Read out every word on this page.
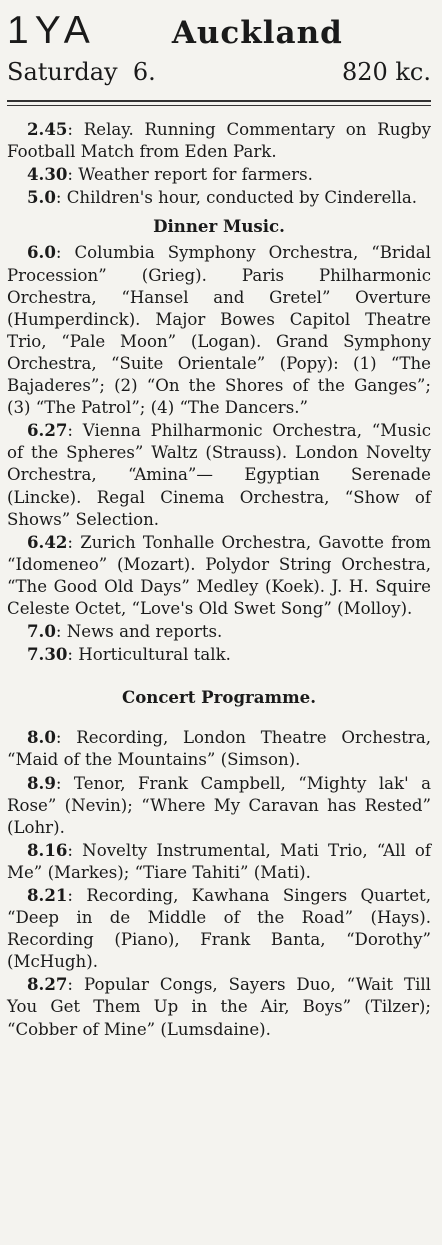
1YA Auckland
Saturday  6.	820 kc.

2.45: Relay. Running Commentary on Rugby Football Match from Eden Park.

4.30: Weather report for farmers.

5.0: Children's hour, conducted by Cinderella.

Dinner Music.

6.0: Columbia Symphony Orchestra, “Bridal Procession” (Grieg). Paris Philharmonic Orchestra, “Hansel and Gretel” Overture (Humperdinck). Major Bowes Capitol Theatre Trio, “Pale Moon” (Logan). Grand Symphony Orchestra, “Suite Orientale” (Popy): (1) “The Bajaderes”; (2) “On the Shores of the Ganges”; (3) “The Patrol”; (4) “The Dancers.”

6.27: Vienna Philharmonic Orchestra, “Music of the Spheres” Waltz (Strauss). London Novelty Orchestra, “Amina”— Egyptian Serenade (Lincke). Regal Cinema Orchestra, “Show of Shows” Selection.

6.42: Zurich Tonhalle Orchestra, Gavotte from “Idomeneo” (Mozart). Polydor String Orchestra, “The Good Old Days” Medley (Koek). J. H. Squire Celeste Octet, “Love's Old Swet Song” (Molloy).

7.0: News and reports.

7.30: Horticultural talk.

Concert Programme.

8.0: Recording, London Theatre Orchestra, “Maid of the Mountains” (Simson).

8.9: Tenor, Frank Campbell, “Mighty lak' a Rose” (Nevin); “Where My Caravan has Rested” (Lohr).

8.16: Novelty Instrumental, Mati Trio, “All of Me” (Markes); “Tiare Tahiti” (Mati).

8.21: Recording, Kawhana Singers Quartet, “Deep in de Middle of the Road” (Hays). Recording (Piano), Frank Banta, “Dorothy” (McHugh).

8.27: Popular Congs, Sayers Duo, “Wait Till You Get Them Up in the Air, Boys” (Tilzer); “Cobber of Mine” (Lumsdaine).
